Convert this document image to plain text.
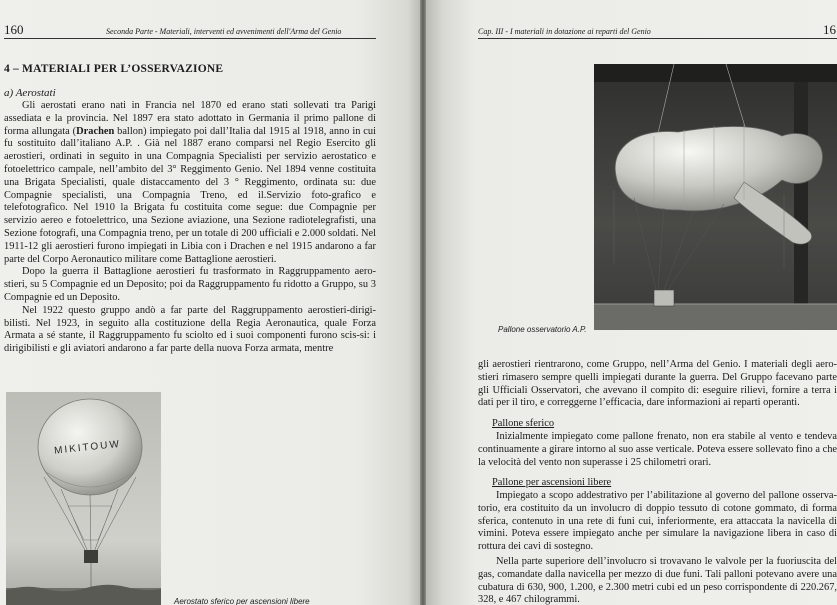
160	Seconda Parte - Materiali, interventi ed avvenimenti dell'Arma del Genio
4 – MATERIALI PER L’OSSERVAZIONE
a) Aerostati

Gli aerostati erano nati in Francia nel 1870 ed erano stati sollevati tra Parigi assediata e la provincia. Nel 1897 era stato adottato in Germania il primo pallone di forma allungata (Drachen ballon) impiegato poi dall’Italia dal 1915 al 1918, anno in cui fu sostituito dall’italiano A.P. . Già nel 1887 erano comparsi nel Regio Esercito gli aerostieri, ordinati in seguito in una Compagnia Specialisti per servizio aerostatico e fotoelettrico campale, nell’ambito del 3° Reggimento Genio. Nel 1894 venne costituita una Brigata Specialisti, quale distaccamento del 3 ° Reggimento, ordinata su: due Compagnie specialisti, una Compagnia Treno, ed il.Servizio foto-grafico e telefotografico. Nel 1910 la Brigata fu costituita come segue: due Compagnie per servizio aereo e fotoelettrico, una Sezione aviazione, una Sezione radiotelegrafisti, una Sezione fotografi, una Compagnia treno, per un totale di 200 ufficiali e 2.000 soldati. Nel 1911-12 gli aerostieri furono impiegati in Libia con i Drachen e nel 1915 andarono a far parte del Corpo Aeronautico militare come Battaglione aerostieri.

Dopo la guerra il Battaglione aerostieri fu trasformato in Raggruppamento aero-stieri, su 5 Compagnie ed un Deposito; poi da Raggruppamento fu ridotto a Gruppo, su 3 Compagnie ed un Deposito.

Nel 1922 questo gruppo andò a far parte del Raggruppamento aerostieri-dirigi-bilisti. Nel 1923, in seguito alla costituzione della Regia Aeronautica, quale Forza Armata a sé stante, il Raggruppamento fu sciolto ed i suoi componenti furono scis-si: i dirigibilisti e gli aviatori andarono a far parte della nuova Forza armata, mentre

MIKITOUW
Aerostato sferico per ascensioni libere
Cap. III - I materiali in dotazione ai reparti del Genio	16
Pallone osservatorio A.P.

gli aerostieri rientrarono, come Gruppo, nell’Arma del Genio. I materiali degli aero-stieri rimasero sempre quelli impiegati durante la guerra. Del Gruppo facevano parte gli Ufficiali Osservatori, che avevano il compito di: eseguire rilievi, fornire a terra i dati per il tiro, e correggerne l’efficacia, dare informazioni ai reparti operanti.

Pallone sferico

Inizialmente impiegato come pallone frenato, non era stabile al vento e tendeva continuamente a girare intorno al suo asse verticale. Poteva essere sollevato fino a che la velocità del vento non superasse i 25 chilometri orari.

Pallone per ascensioni libere

Impiegato a scopo addestrativo per l’abilitazione al governo del pallone osserva-torio, era costituito da un involucro di doppio tessuto di cotone gommato, di forma sferica, contenuto in una rete di funi cui, inferiormente, era attaccata la navicella di vimini. Poteva essere impiegato anche per simulare la navigazione libera in caso di rottura dei cavi di sostegno.

Nella parte superiore dell’involucro si trovavano le valvole per la fuoriuscita del gas, comandate dalla navicella per mezzo di due funi. Tali palloni potevano avere una cubatura di 630, 900, 1.200, e 2.300 metri cubi ed un peso corrispondente di 220.267, 328, e 467 chilogrammi.
